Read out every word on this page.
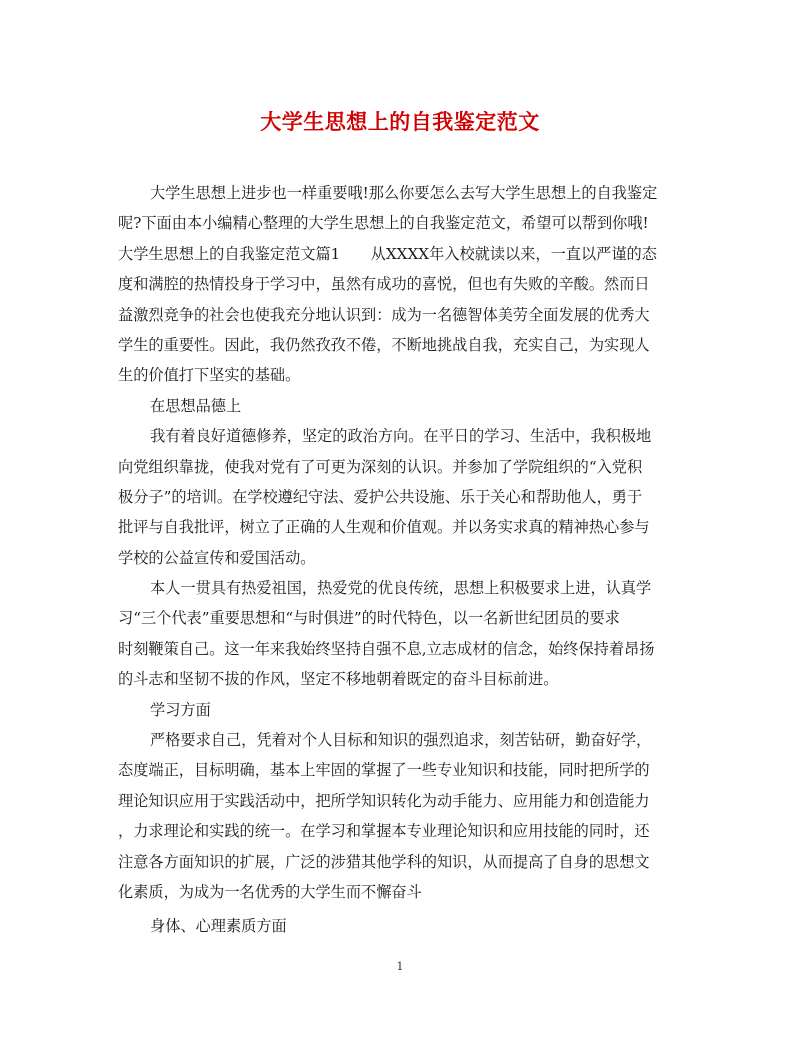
大学生思想上的自我鉴定范文
大学生思想上进步也一样重要哦!那么你要怎么去写大学生思想上的自我鉴定
呢?下面由本小编精心整理的大学生思想上的自我鉴定范文，希望可以帮到你哦!
大学生思想上的自我鉴定范文篇1　　从XXXX年入校就读以来，一直以严谨的态
度和满腔的热情投身于学习中，虽然有成功的喜悦，但也有失败的辛酸。然而日
益激烈竞争的社会也使我充分地认识到：成为一名德智体美劳全面发展的优秀大
学生的重要性。因此，我仍然孜孜不倦，不断地挑战自我，充实自己，为实现人
生的价值打下坚实的基础。
在思想品德上
我有着良好道德修养，坚定的政治方向。在平日的学习、生活中，我积极地
向党组织靠拢，使我对党有了可更为深刻的认识。并参加了学院组织的“入党积
极分子”的培训。在学校遵纪守法、爱护公共设施、乐于关心和帮助他人，勇于
批评与自我批评，树立了正确的人生观和价值观。并以务实求真的精神热心参与
学校的公益宣传和爱国活动。
本人一贯具有热爱祖国，热爱党的优良传统，思想上积极要求上进，认真学
习“三个代表”重要思想和“与时俱进”的时代特色，以一名新世纪团员的要求
时刻鞭策自己。这一年来我始终坚持自强不息,立志成材的信念，始终保持着昂扬
的斗志和坚韧不拔的作风，坚定不移地朝着既定的奋斗目标前进。
学习方面
严格要求自己，凭着对个人目标和知识的强烈追求，刻苦钻研，勤奋好学，
态度端正，目标明确，基本上牢固的掌握了一些专业知识和技能，同时把所学的
理论知识应用于实践活动中，把所学知识转化为动手能力、应用能力和创造能力
，力求理论和实践的统一。在学习和掌握本专业理论知识和应用技能的同时，还
注意各方面知识的扩展，广泛的涉猎其他学科的知识，从而提高了自身的思想文
化素质，为成为一名优秀的大学生而不懈奋斗
身体、心理素质方面
1
